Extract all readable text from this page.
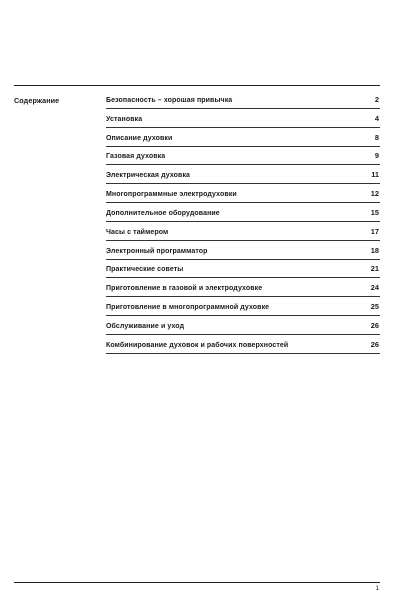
Содержание	Безопасность – хорошая привычка	2
Установка	4
Описание духовки	8
Газовая духовка	9
Электрическая духовка	11
Многопрограммные электродуховки	12
Дополнительное оборудование	15
Часы с таймером	17
Электронный программатор	18
Практические советы	21
Приготовление в газовой и электродуховке	24
Приготовление в многопрограммной духовке	25
Обслуживание и уход	26
Комбинирование духовок и рабочих поверхностей	26
1
